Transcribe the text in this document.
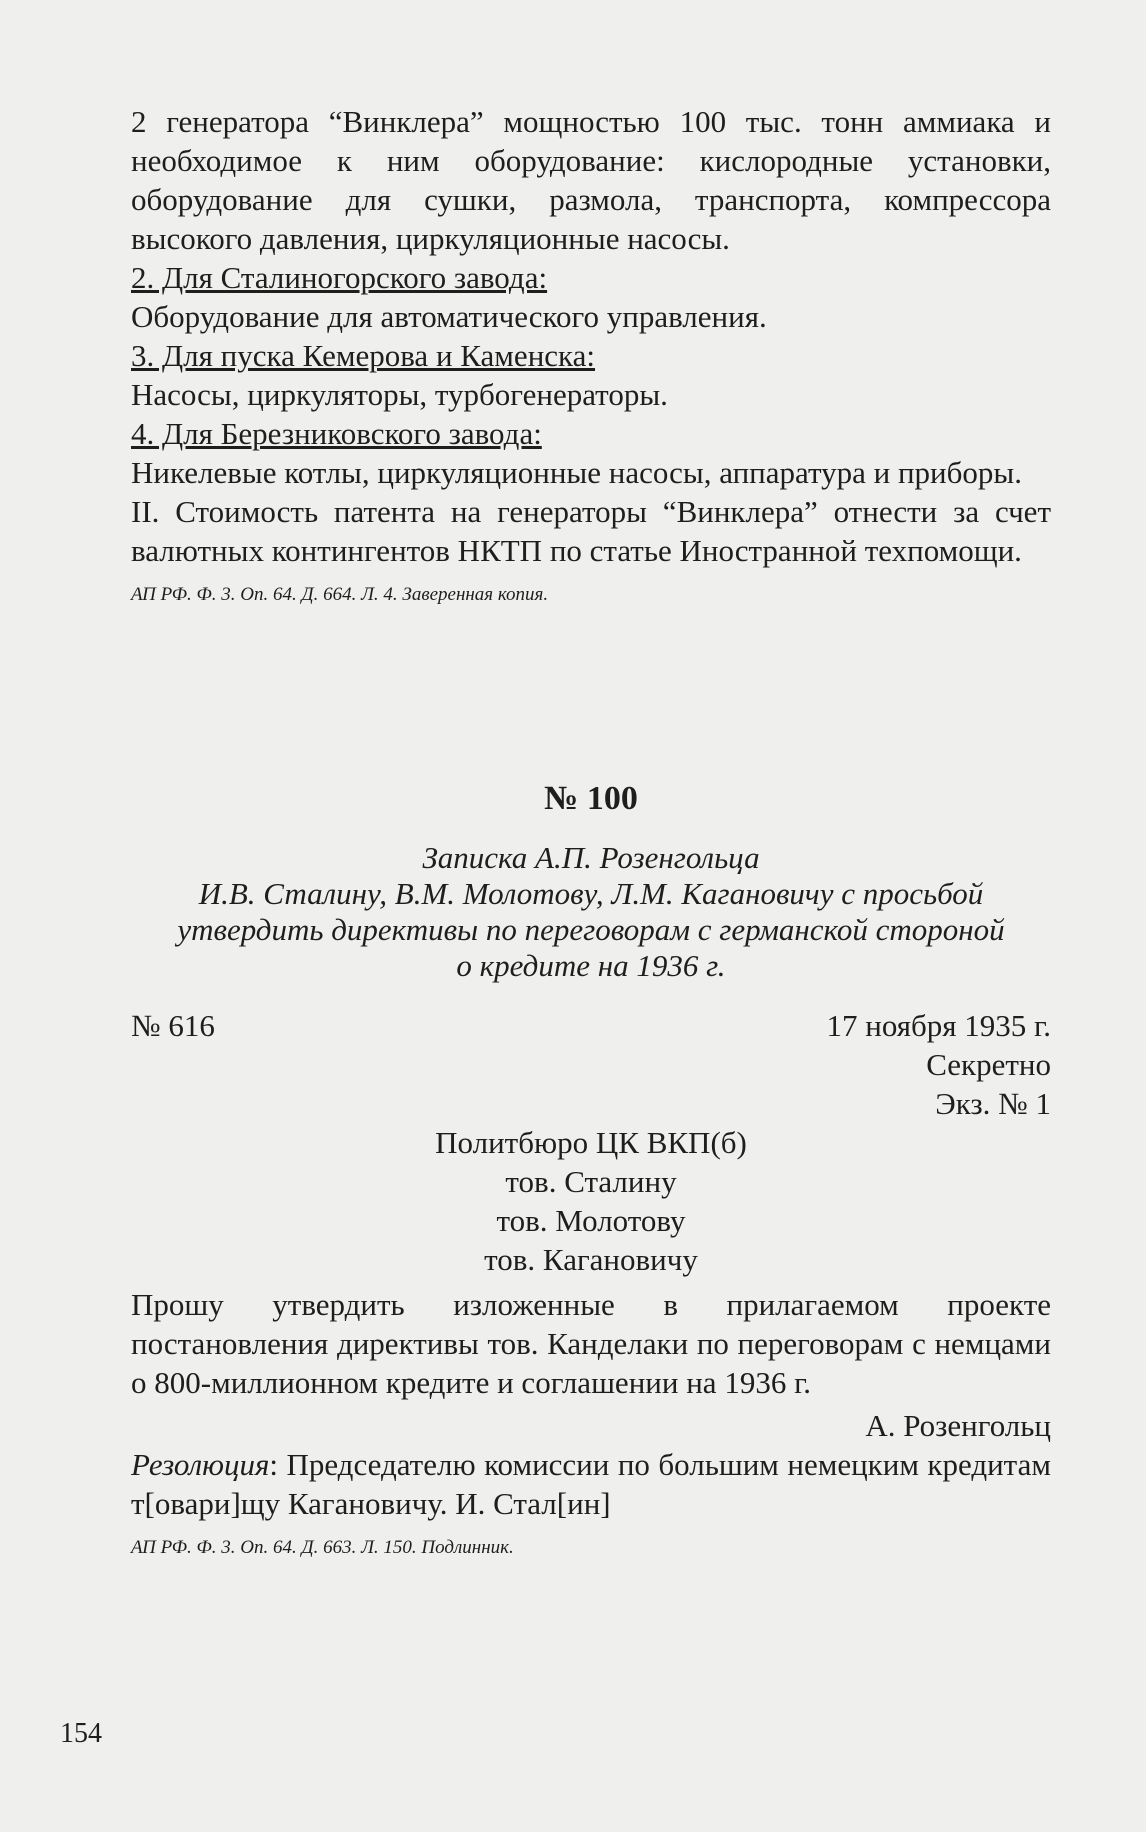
2 генератора “Винклера” мощностью 100 тыс. тонн аммиака и необходимое к ним оборудование: кислородные установки, оборудование для сушки, размола, транспорта, компрессора высокого давления, циркуляционные насосы.

2. Для Сталиногорского завода:

Оборудование для автоматического управления.

3. Для пуска Кемерова и Каменска:

Насосы, циркуляторы, турбогенераторы.

4. Для Березниковского завода:

Никелевые котлы, циркуляционные насосы, аппаратура и приборы.

II. Стоимость патента на генераторы “Винклера” отнести за счет валютных контингентов НКТП по статье Иностранной техпомощи.

АП РФ. Ф. 3. Оп. 64. Д. 664. Л. 4. Заверенная копия.

№ 100

Записка А.П. Розенгольца

И.В. Сталину, В.М. Молотову, Л.М. Кагановичу с просьбой

утвердить директивы по переговорам с германской стороной

о кредите на 1936 г.

№ 616	17 ноября 1935 г.

Секретно

Экз. № 1

Политбюро ЦК ВКП(б)

тов. Сталину

тов. Молотову

тов. Кагановичу

Прошу утвердить изложенные в прилагаемом проекте постановления директивы тов. Канделаки по переговорам с немцами о 800-миллионном кредите и соглашении на 1936 г.

А. Розенгольц

Резолюция: Председателю комиссии по большим немецким кредитам т[овари]щу Кагановичу. И. Стал[ин]

АП РФ. Ф. 3. Оп. 64. Д. 663. Л. 150. Подлинник.

154
